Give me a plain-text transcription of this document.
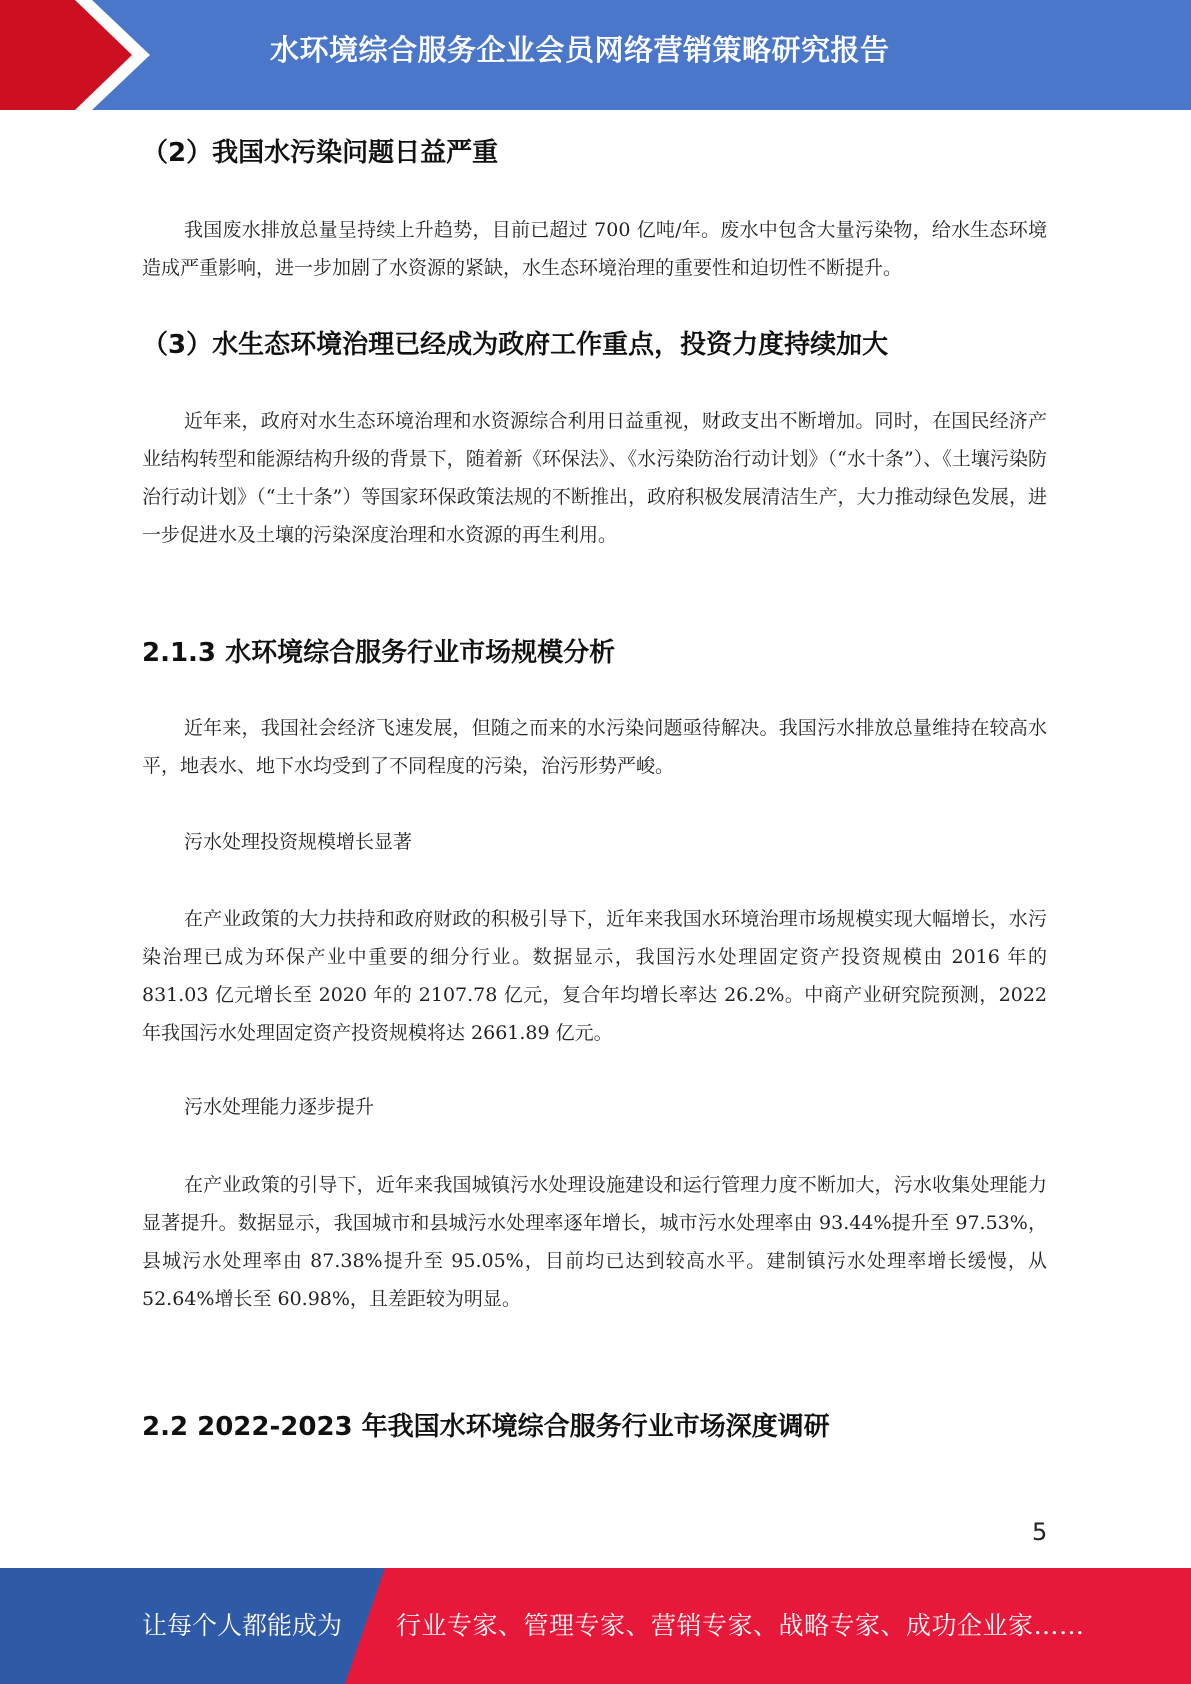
水环境综合服务企业会员网络营销策略研究报告
（2）我国水污染问题日益严重

我国废水排放总量呈持续上升趋势，目前已超过 700 亿吨/年。废水中包含大量污染物，给水生态环境造成严重影响，进一步加剧了水资源的紧缺，水生态环境治理的重要性和迫切性不断提升。

（3）水生态环境治理已经成为政府工作重点，投资力度持续加大

近年来，政府对水生态环境治理和水资源综合利用日益重视，财政支出不断增加。同时，在国民经济产业结构转型和能源结构升级的背景下，随着新《环保法》、《水污染防治行动计划》（“水十条”）、《土壤污染防治行动计划》（“土十条”）等国家环保政策法规的不断推出，政府积极发展清洁生产，大力推动绿色发展，进一步促进水及土壤的污染深度治理和水资源的再生利用。

2.1.3 水环境综合服务行业市场规模分析

近年来，我国社会经济飞速发展，但随之而来的水污染问题亟待解决。我国污水排放总量维持在较高水平，地表水、地下水均受到了不同程度的污染，治污形势严峻。

污水处理投资规模增长显著

在产业政策的大力扶持和政府财政的积极引导下，近年来我国水环境治理市场规模实现大幅增长，水污染治理已成为环保产业中重要的细分行业。数据显示，我国污水处理固定资产投资规模由 2016 年的 831.03 亿元增长至 2020 年的 2107.78 亿元，复合年均增长率达 26.2%。中商产业研究院预测，2022 年我国污水处理固定资产投资规模将达 2661.89 亿元。

污水处理能力逐步提升

在产业政策的引导下，近年来我国城镇污水处理设施建设和运行管理力度不断加大，污水收集处理能力显著提升。数据显示，我国城市和县城污水处理率逐年增长，城市污水处理率由 93.44%提升至 97.53%，县城污水处理率由 87.38%提升至 95.05%，目前均已达到较高水平。建制镇污水处理率增长缓慢，从 52.64%增长至 60.98%，且差距较为明显。

2.2 2022-2023 年我国水环境综合服务行业市场深度调研
5
让每个人都能成为 行业专家、管理专家、营销专家、战略专家、成功企业家……
